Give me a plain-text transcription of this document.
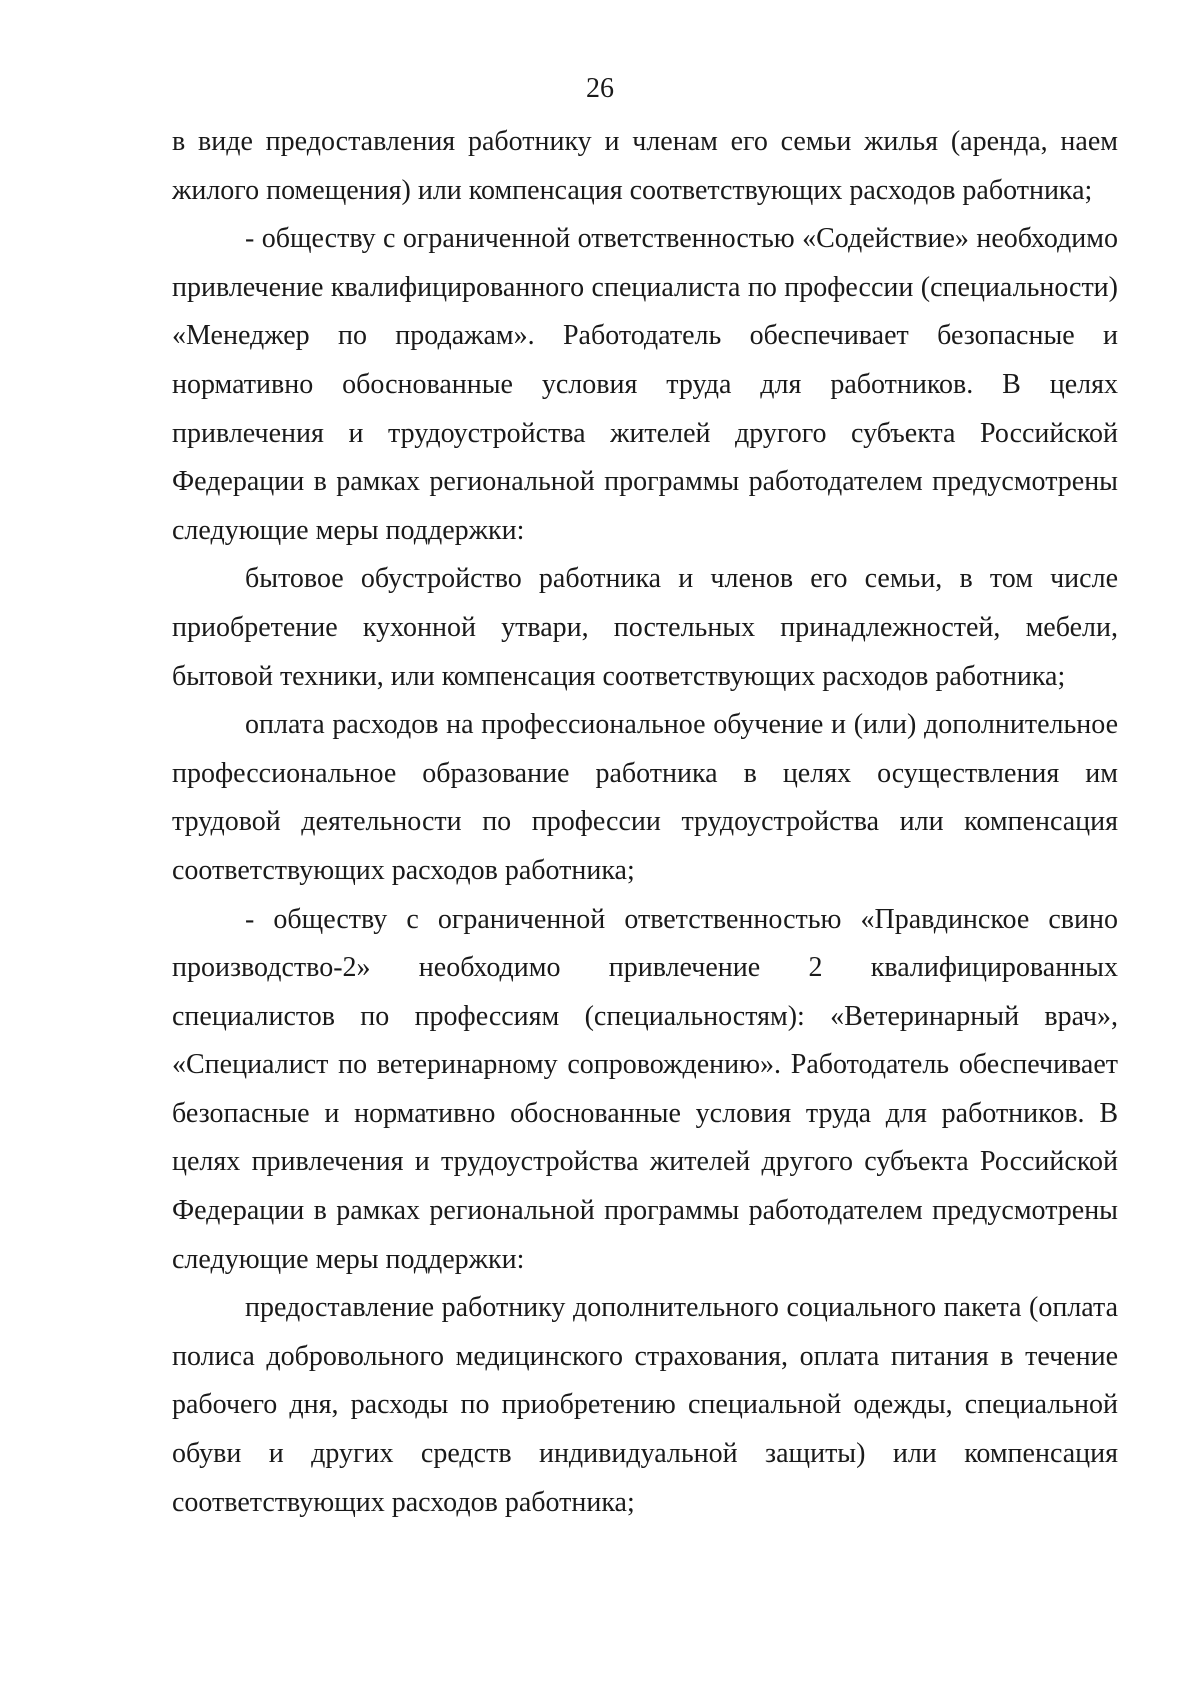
26

в виде предоставления работнику и членам его семьи жилья (аренда, наем жилого помещения) или компенсация соответствующих расходов работника;

- обществу с ограниченной ответственностью «Содействие» необходимо привлечение квалифицированного специалиста по профессии (специальности) «Менеджер по продажам». Работодатель обеспечивает безопасные и нормативно обоснованные условия труда для работников. В целях привлечения и трудоустройства жителей другого субъекта Российской Федерации в рамках региональной программы работодателем предусмотрены следующие меры поддержки:

бытовое обустройство работника и членов его семьи, в том числе приобретение кухонной утвари, постельных принадлежностей, мебели, бытовой техники, или компенсация соответствующих расходов работника;

оплата расходов на профессиональное обучение и (или) дополнительное профессиональное образование работника в целях осуществления им трудовой деятельности по профессии трудоустройства или компенсация соответствующих расходов работника;

- обществу с ограниченной ответственностью «Правдинское свино производство-2» необходимо привлечение 2 квалифицированных специалистов по профессиям (специальностям): «Ветеринарный врач», «Специалист по ветеринарному сопровождению». Работодатель обеспечивает безопасные и нормативно обоснованные условия труда для работников. В целях привлечения и трудоустройства жителей другого субъекта Российской Федерации в рамках региональной программы работодателем предусмотрены следующие меры поддержки:

предоставление работнику дополнительного социального пакета (оплата полиса добровольного медицинского страхования, оплата питания в течение рабочего дня, расходы по приобретению специальной одежды, специальной обуви и других средств индивидуальной защиты) или компенсация соответствующих расходов работника;
